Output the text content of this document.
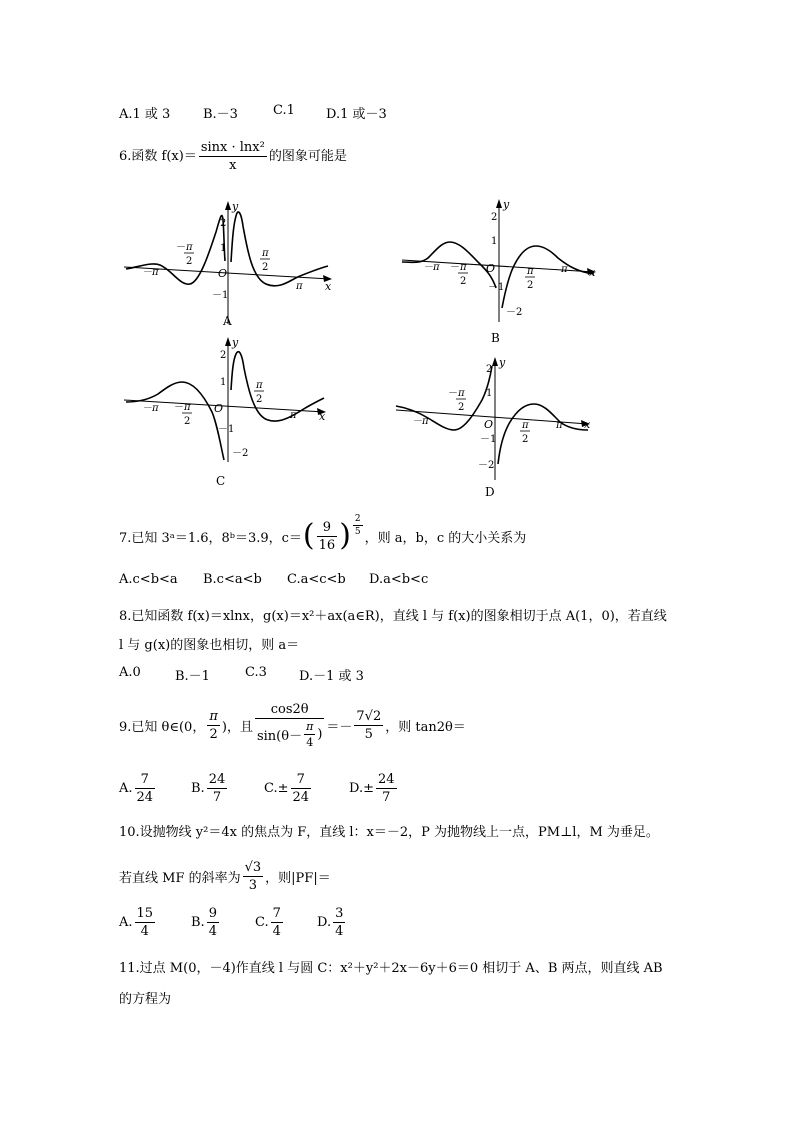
A.1 或 3	B.－3	C.1 D.1 或－3
6.函数 $f(x)= \frac{\text{sinx · lnx²}}{x}$ 的图象可能是
y
x
O
2
1
－1
－π
π
－ π
2
π
2
A
y
x
O
2
1
－1
－2
－π	π
－ π
2
π
2
B
y
x
O
2
1
－1
－2
－π
π
－ π
2
π
2
C
y
x
O
2
1
－1
－2
－π	π
－ π
2
π
2
D
7.已知 3ᵃ＝1.6，8ᵇ＝3.9，c＝ ( $\frac{9}{16}$ ) $\frac{2}{5}$
，则 a，b，c 的大小关系为
A.c<b<a B.c<a<b C.a<c<b D.a<b<c
8.已知函数 f(x)＝xlnx，g(x)＝x²＋ax(a∈R)，直线 l 与 f(x)的图象相切于点 A(1，0)，若直线
l 与 g(x)的图象也相切，则 a＝
A.0	B.－1	C.3 D.－1 或 3
9.已知 θ∈(0， $\frac{\pi}{2}$ )，且 $\frac{\cos 2\theta}{\sin(\theta- \frac{\pi}{4} )} =- \frac{7√2}{5}$ ，则 tan2θ＝
A. $\frac{7}{24}$	B. $\frac{24}{7}$	C. ± $\frac{7}{24}$	D. ± $\frac{24}{7}$
10.设抛物线 y²＝4x 的焦点为 F，直线 l：x＝－2，P 为抛物线上一点，PM⊥l，M 为垂足。
若直线 MF 的斜率为 $\frac{√3}{3}$ ，则|PF|＝
A. $\frac{15}{4}$	B. $\frac{9}{4}$	C. $\frac{7}{4}$	D. $\frac{3}{4}$
11.过点 M(0，－4)作直线 l 与圆 C：x²＋y²＋2x－6y＋6＝0 相切于 A、B 两点，则直线 AB
的方程为
